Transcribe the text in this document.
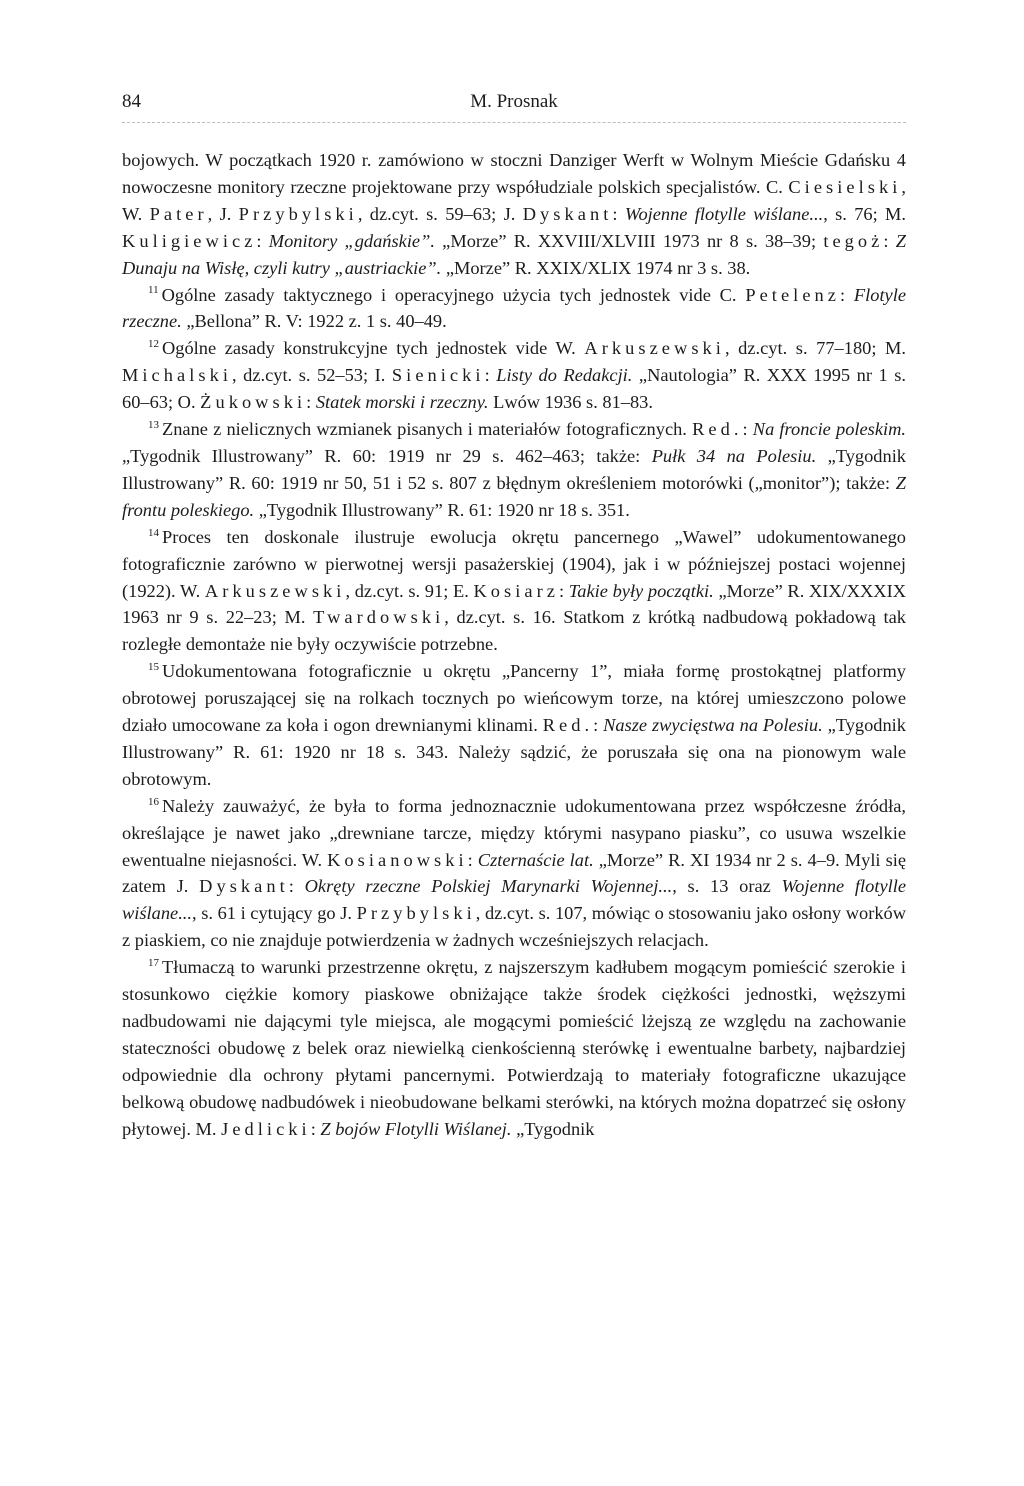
84	M. Prosnak

bojowych. W początkach 1920 r. zamówiono w stoczni Danziger Werft w Wolnym Mieście Gdańsku 4 nowoczesne monitory rzeczne projektowane przy współudziale polskich specjalistów. C. Ciesielski, W. Pater, J. Przybylski, dz.cyt. s. 59–63; J. Dyskant: Wojenne flotylle wiślane..., s. 76; M. Kuligiewicz: Monitory „gdańskie”. „Morze” R. XXVIII/XLVIII 1973 nr 8 s. 38–39; tegoż: Z Dunaju na Wisłę, czyli kutry „austriackie”. „Morze” R. XXIX/XLIX 1974 nr 3 s. 38.

$^{11}$ Ogólne zasady taktycznego i operacyjnego użycia tych jednostek vide C. Petelenz: Flotyle rzeczne. „Bellona” R. V: 1922 z. 1 s. 40–49.

$^{12}$ Ogólne zasady konstrukcyjne tych jednostek vide W. Arkuszewski, dz.cyt. s. 77–180; M. Michalski, dz.cyt. s. 52–53; I. Sienicki: Listy do Redakcji. „Nautologia” R. XXX 1995 nr 1 s. 60–63; O. Żukowski: Statek morski i rzeczny. Lwów 1936 s. 81–83.

$^{13}$ Znane z nielicznych wzmianek pisanych i materiałów fotograficznych. Red.: Na froncie poleskim. „Tygodnik Illustrowany” R. 60: 1919 nr 29 s. 462–463; także: Pułk 34 na Polesiu. „Tygodnik Illustrowany” R. 60: 1919 nr 50, 51 i 52 s. 807 z błędnym określeniem motorówki („monitor”); także: Z frontu poleskiego. „Tygodnik Illustrowany” R. 61: 1920 nr 18 s. 351.

$^{14}$ Proces ten doskonale ilustruje ewolucja okrętu pancernego „Wawel” udokumentowanego fotograficznie zarówno w pierwotnej wersji pasażerskiej (1904), jak i w późniejszej postaci wojennej (1922). W. Arkuszewski, dz.cyt. s. 91; E. Kosiarz: Takie były początki. „Morze” R. XIX/XXXIX 1963 nr 9 s. 22–23; M. Twardowski, dz.cyt. s. 16. Statkom z krótką nadbudową pokładową tak rozległe demontaże nie były oczywiście potrzebne.

$^{15}$ Udokumentowana fotograficznie u okrętu „Pancerny 1”, miała formę prostokątnej platformy obrotowej poruszającej się na rolkach tocznych po wieńcowym torze, na której umieszczono polowe działo umocowane za koła i ogon drewnianymi klinami. Red.: Nasze zwycięstwa na Polesiu. „Tygodnik Illustrowany” R. 61: 1920 nr 18 s. 343. Należy sądzić, że poruszała się ona na pionowym wale obrotowym.

$^{16}$ Należy zauważyć, że była to forma jednoznacznie udokumentowana przez współczesne źródła, określające je nawet jako „drewniane tarcze, między którymi nasypano piasku”, co usuwa wszelkie ewentualne niejasności. W. Kosianowski: Czternaście lat. „Morze” R. XI 1934 nr 2 s. 4–9. Myli się zatem J. Dyskant: Okręty rzeczne Polskiej Marynarki Wojennej..., s. 13 oraz Wojenne flotylle wiślane..., s. 61 i cytujący go J. Przybylski, dz.cyt. s. 107, mówiąc o stosowaniu jako osłony worków z piaskiem, co nie znajduje potwierdzenia w żadnych wcześniejszych relacjach.

$^{17}$ Tłumaczą to warunki przestrzenne okrętu, z najszerszym kadłubem mogącym pomieścić szerokie i stosunkowo ciężkie komory piaskowe obniżające także środek ciężkości jednostki, węższymi nadbudowami nie dającymi tyle miejsca, ale mogącymi pomieścić lżejszą ze względu na zachowanie stateczności obudowę z belek oraz niewielką cienkościenną sterówkę i ewentualne barbety, najbardziej odpowiednie dla ochrony płytami pancernymi. Potwierdzają to materiały fotograficzne ukazujące belkową obudowę nadbudówek i nieobudowane belkami sterówki, na których można dopatrzeć się osłony płytowej. M. Jedlicki: Z bojów Flotylli Wiślanej. „Tygodnik
